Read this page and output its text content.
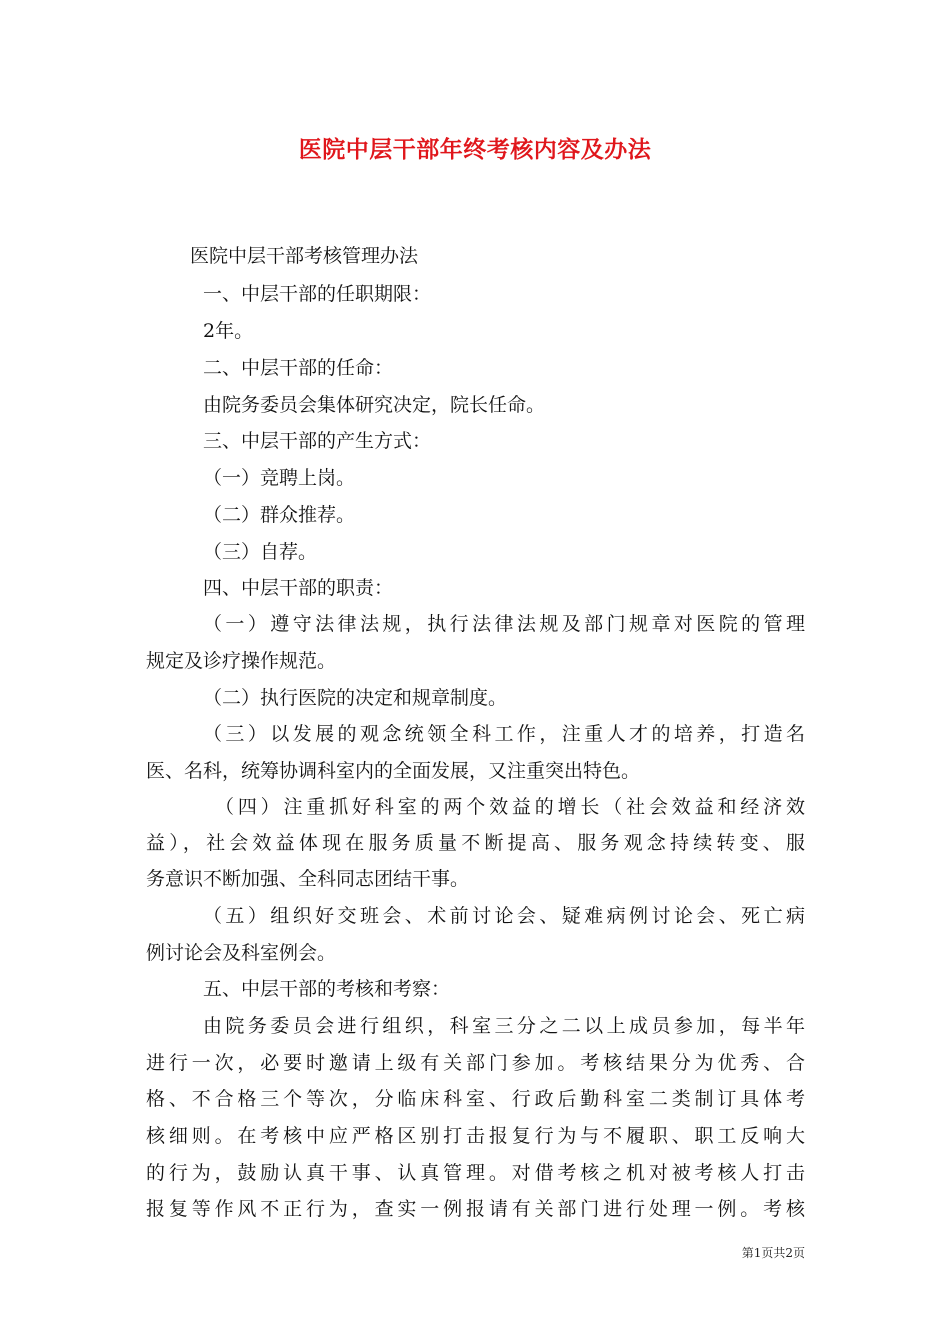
医院中层干部年终考核内容及办法
医院中层干部考核管理办法
一、中层干部的任职期限：
2年。
二、中层干部的任命：
由院务委员会集体研究决定，院长任命。
三、中层干部的产生方式：
（一）竞聘上岗。
（二）群众推荐。
（三）自荐。
四、中层干部的职责：
（一）遵守法律法规，执行法律法规及部门规章对医院的管理
规定及诊疗操作规范。
（二）执行医院的决定和规章制度。
（三）以发展的观念统领全科工作，注重人才的培养，打造名
医、名科，统筹协调科室内的全面发展，又注重突出特色。
（四）注重抓好科室的两个效益的增长（社会效益和经济效
益），社会效益体现在服务质量不断提高、服务观念持续转变、服
务意识不断加强、全科同志团结干事。
（五）组织好交班会、术前讨论会、疑难病例讨论会、死亡病
例讨论会及科室例会。
五、中层干部的考核和考察：
由院务委员会进行组织，科室三分之二以上成员参加，每半年
进行一次，必要时邀请上级有关部门参加。考核结果分为优秀、合
格、不合格三个等次，分临床科室、行政后勤科室二类制订具体考
核细则。在考核中应严格区别打击报复行为与不履职、职工反响大
的行为，鼓励认真干事、认真管理。对借考核之机对被考核人打击
报复等作风不正行为，查实一例报请有关部门进行处理一例。考核
第1页共2页
